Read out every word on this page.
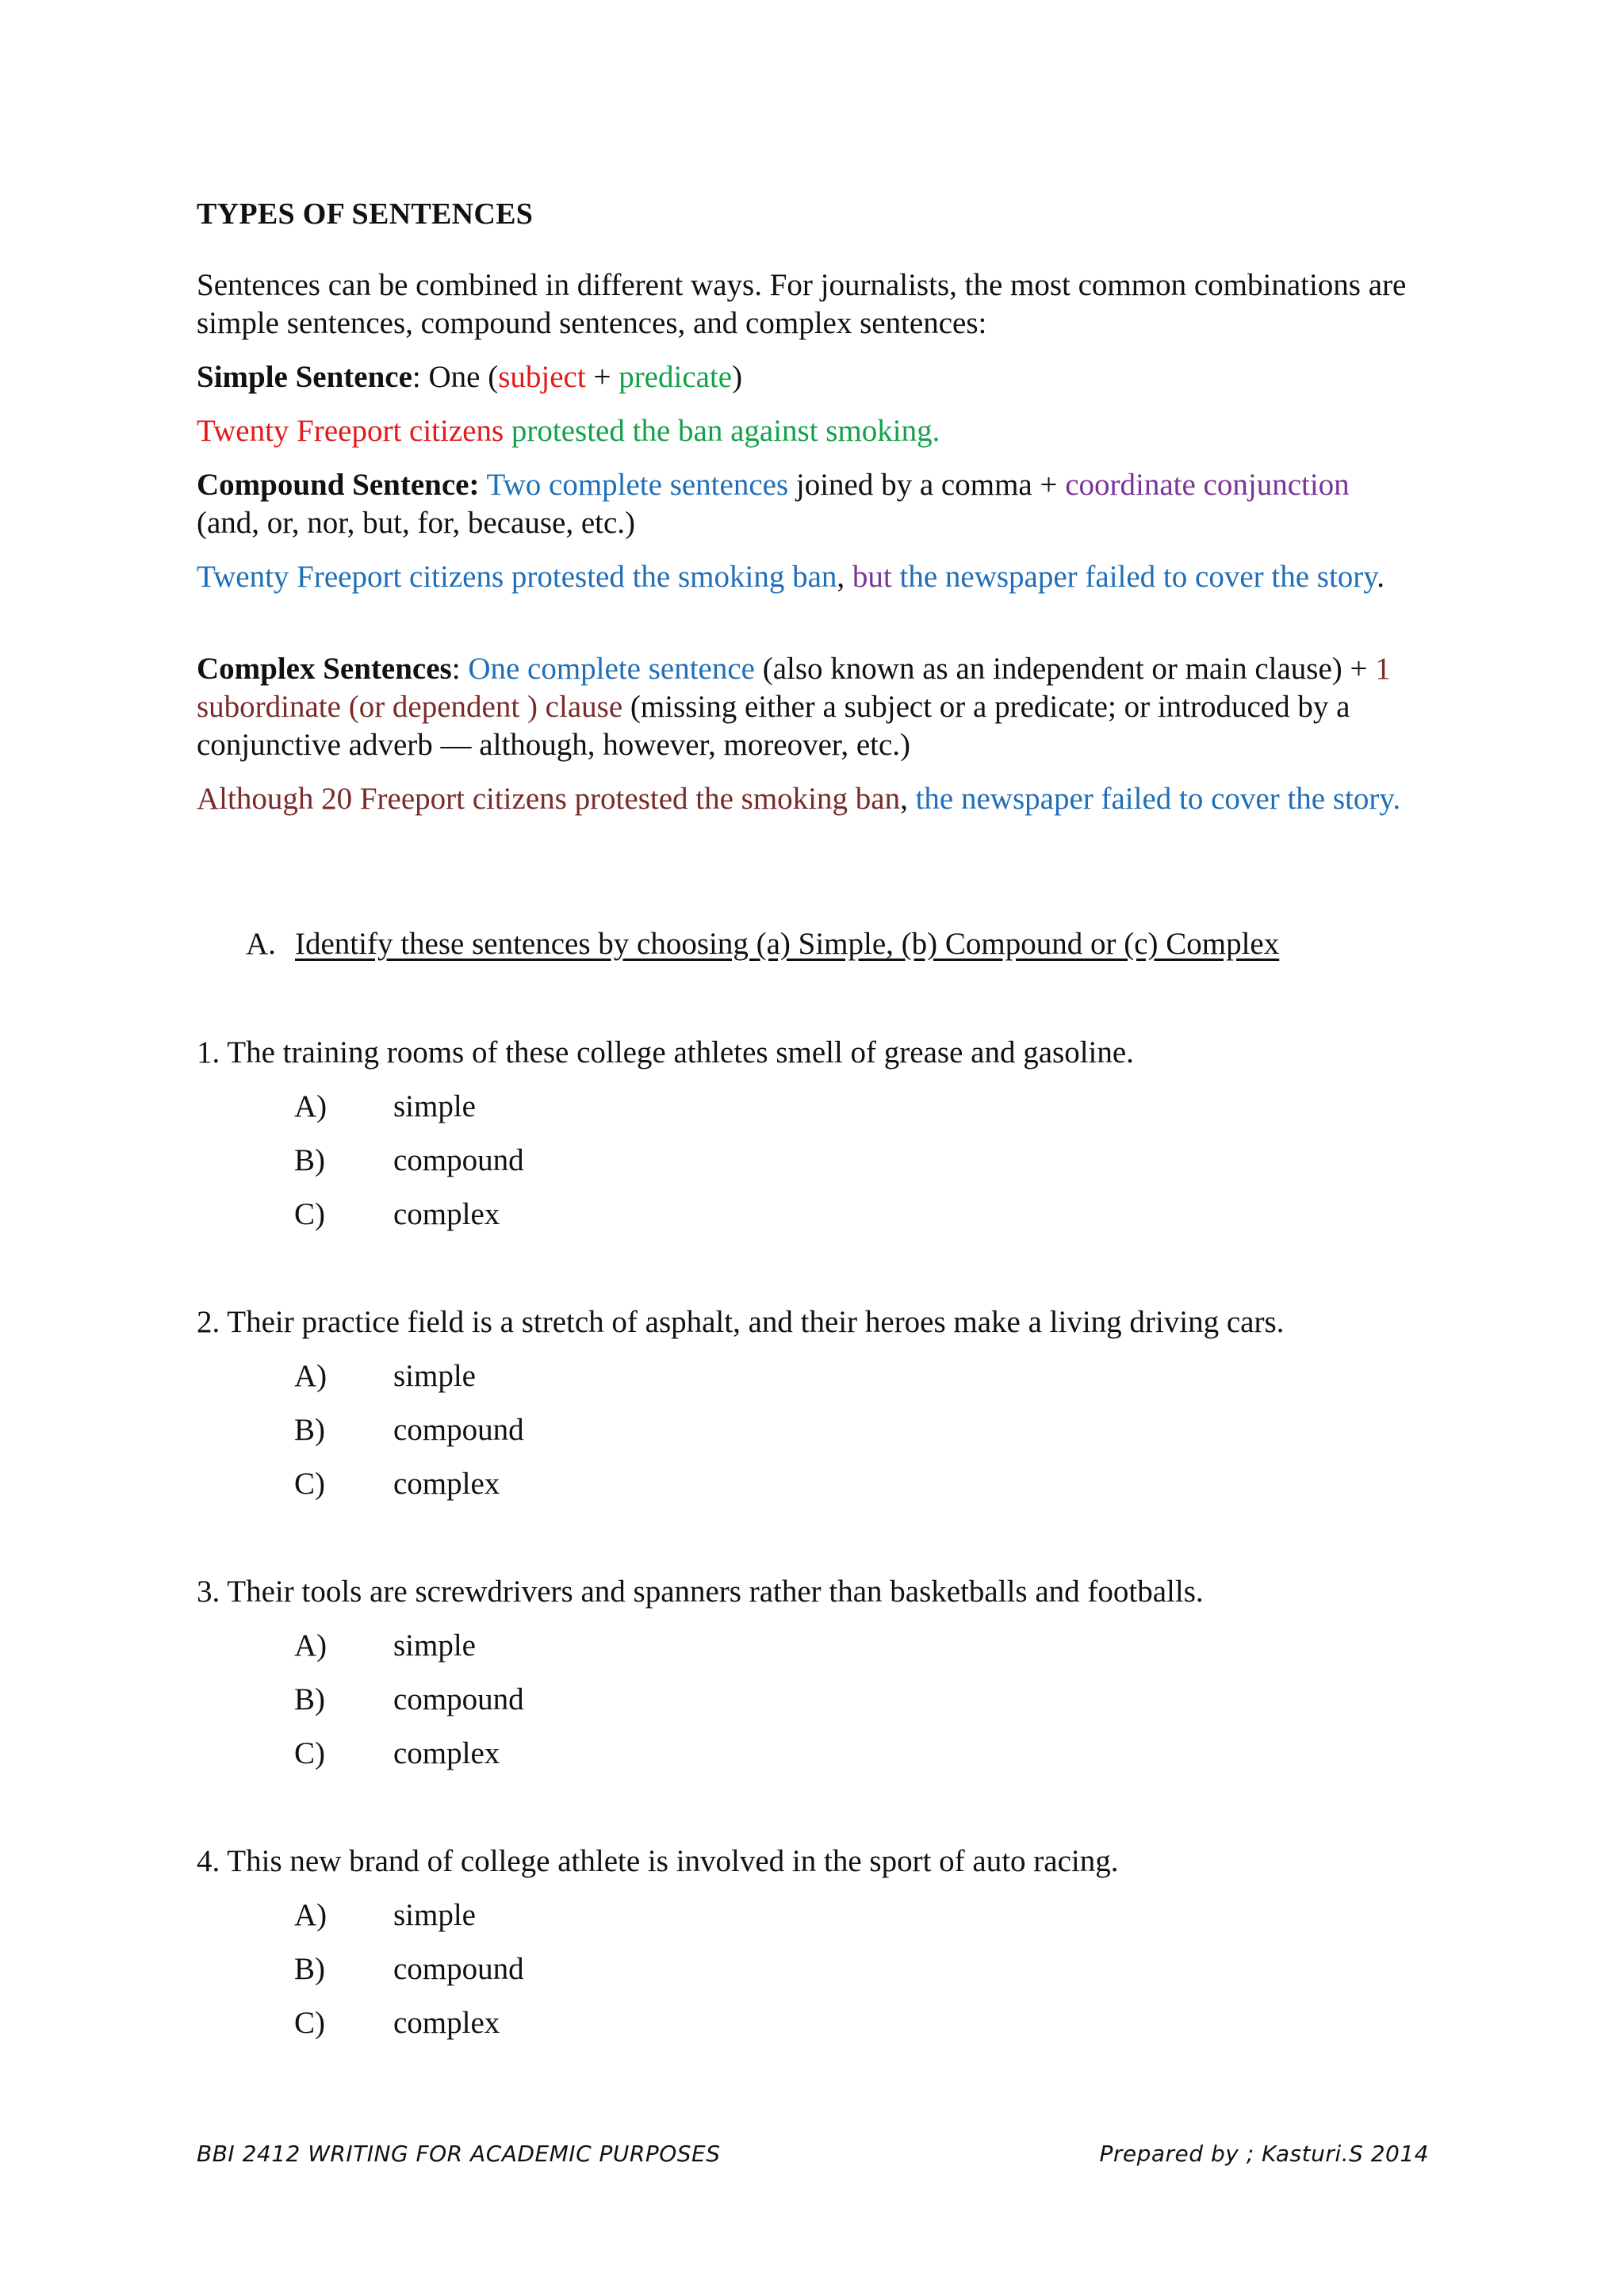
TYPES OF SENTENCES
Sentences can be combined in different ways. For journalists, the most common combinations are simple sentences, compound sentences, and complex sentences:
Simple Sentence: One (subject + predicate)
Twenty Freeport citizens protested the ban against smoking.
Compound Sentence: Two complete sentences joined by a comma + coordinate conjunction
(and, or, nor, but, for, because, etc.)
Twenty Freeport citizens protested the smoking ban, but the newspaper failed to cover the story.
Complex Sentences: One complete sentence (also known as an independent or main clause) + 1 subordinate (or dependent ) clause (missing either a subject or a predicate; or introduced by a conjunctive adverb — although, however, moreover, etc.)
Although 20 Freeport citizens protested the smoking ban, the newspaper failed to cover the story.
A. Identify these sentences by choosing (a) Simple, (b) Compound or (c) Complex
1. The training rooms of these college athletes smell of grease and gasoline.
A) simple
B) compound
C) complex
2. Their practice field is a stretch of asphalt, and their heroes make a living driving cars.
A) simple
B) compound
C) complex
3. Their tools are screwdrivers and spanners rather than basketballs and footballs.
A) simple
B) compound
C) complex
4. This new brand of college athlete is involved in the sport of auto racing.
A) simple
B) compound
C) complex
BBI 2412 WRITING FOR ACADEMIC PURPOSES	Prepared by ; Kasturi.S 2014
